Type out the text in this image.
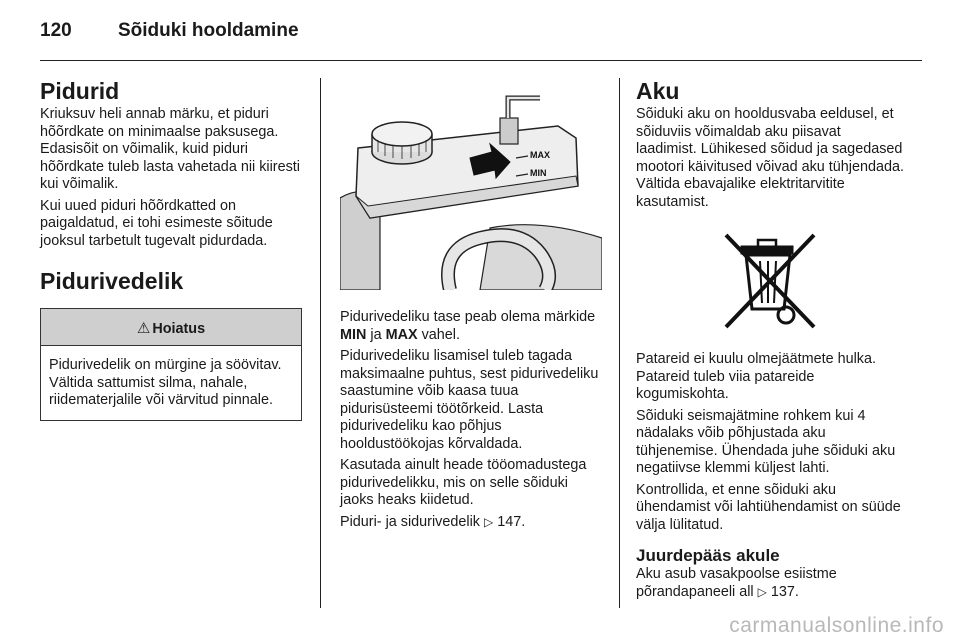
120 Sõiduki hooldamine
Pidurid

Kriuksuv heli annab märku, et piduri hõõrdkate on minimaalse paksusega. Edasisõit on võimalik, kuid piduri hõõrdkate tuleb lasta vahetada nii kiiresti kui võimalik.

Kui uued piduri hõõrdkatted on paigaldatud, ei tohi esimeste sõitude jooksul tarbetult tugevalt pidurdada.

Pidurivedelik
⚠ Hoiatus
Pidurivedelik on mürgine ja söövitav. Vältida sattumist silma, nahale, riidematerjalile või värvitud pinnale.
MAX
MIN

Pidurivedeliku tase peab olema märkide MIN ja MAX vahel.

Pidurivedeliku lisamisel tuleb tagada maksimaalne puhtus, sest pidurivedeliku saastumine võib kaasa tuua pidurisüsteemi töötõrkeid. Lasta pidurivedeliku kao põhjus hooldustöökojas kõrvaldada.

Kasutada ainult heade tööomadustega pidurivedelikku, mis on selle sõiduki jaoks heaks kiidetud.

Piduri- ja sidurivedelik ▷ 147.

Aku

Sõiduki aku on hooldusvaba eeldusel, et sõiduviis võimaldab aku piisavat laadimist. Lühikesed sõidud ja sagedased mootori käivitused võivad aku tühjendada. Vältida ebavajalike elektritarvitite kasutamist.

Patareid ei kuulu olmejäätmete hulka. Patareid tuleb viia patareide kogumiskohta.

Sõiduki seismajätmine rohkem kui 4 nädalaks võib põhjustada aku tühjenemise. Ühendada juhe sõiduki aku negatiivse klemmi küljest lahti.

Kontrollida, et enne sõiduki aku ühendamist või lahtiühendamist on süüde välja lülitatud.

Juurdepääs akule

Aku asub vasakpoolse esiistme põrandapaneeli all ▷ 137.

carmanualsonline.info
